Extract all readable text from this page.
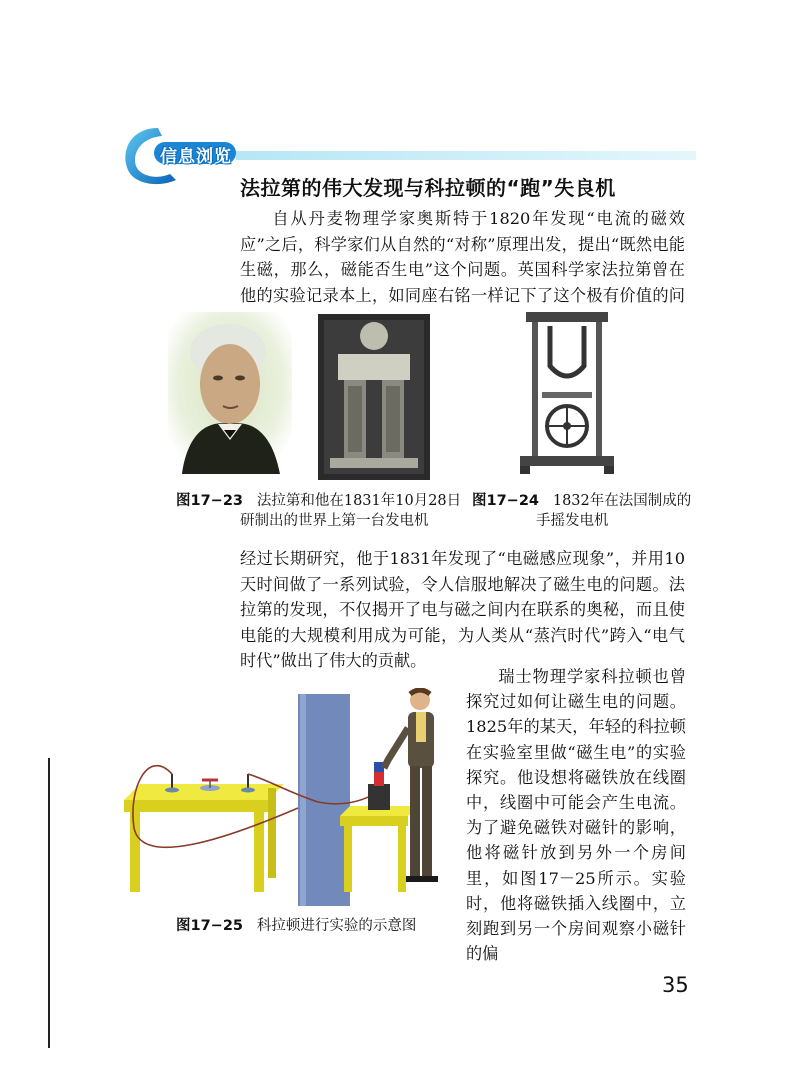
信息浏览
法拉第的伟大发现与科拉顿的“跑”失良机

自从丹麦物理学家奥斯特于1820年发现“电流的磁效应”之后，科学家们从自然的“对称”原理出发，提出“既然电能生磁，那么，磁能否生电”这个问题。英国科学家法拉第曾在他的实验记录本上，如同座右铭一样记下了这个极有价值的问

图17−23 法拉第和他在1831年10月28日
研制出的世界上第一台发电机
图17−24 1832年在法国制成的
手摇发电机

经过长期研究，他于1831年发现了“电磁感应现象”，并用10天时间做了一系列试验，令人信服地解决了磁生电的问题。法拉第的发现，不仅揭开了电与磁之间内在联系的奥秘，而且使电能的大规模利用成为可能，为人类从“蒸汽时代”跨入“电气时代”做出了伟大的贡献。

图17−25 科拉顿进行实验的示意图

瑞士物理学家科拉顿也曾探究过如何让磁生电的问题。1825年的某天，年轻的科拉顿在实验室里做“磁生电”的实验探究。他设想将磁铁放在线圈中，线圈中可能会产生电流。为了避免磁铁对磁针的影响，他将磁针放到另外一个房间里，如图17－25所示。实验时，他将磁铁插入线圈中，立刻跑到另一个房间观察小磁针的偏

35
